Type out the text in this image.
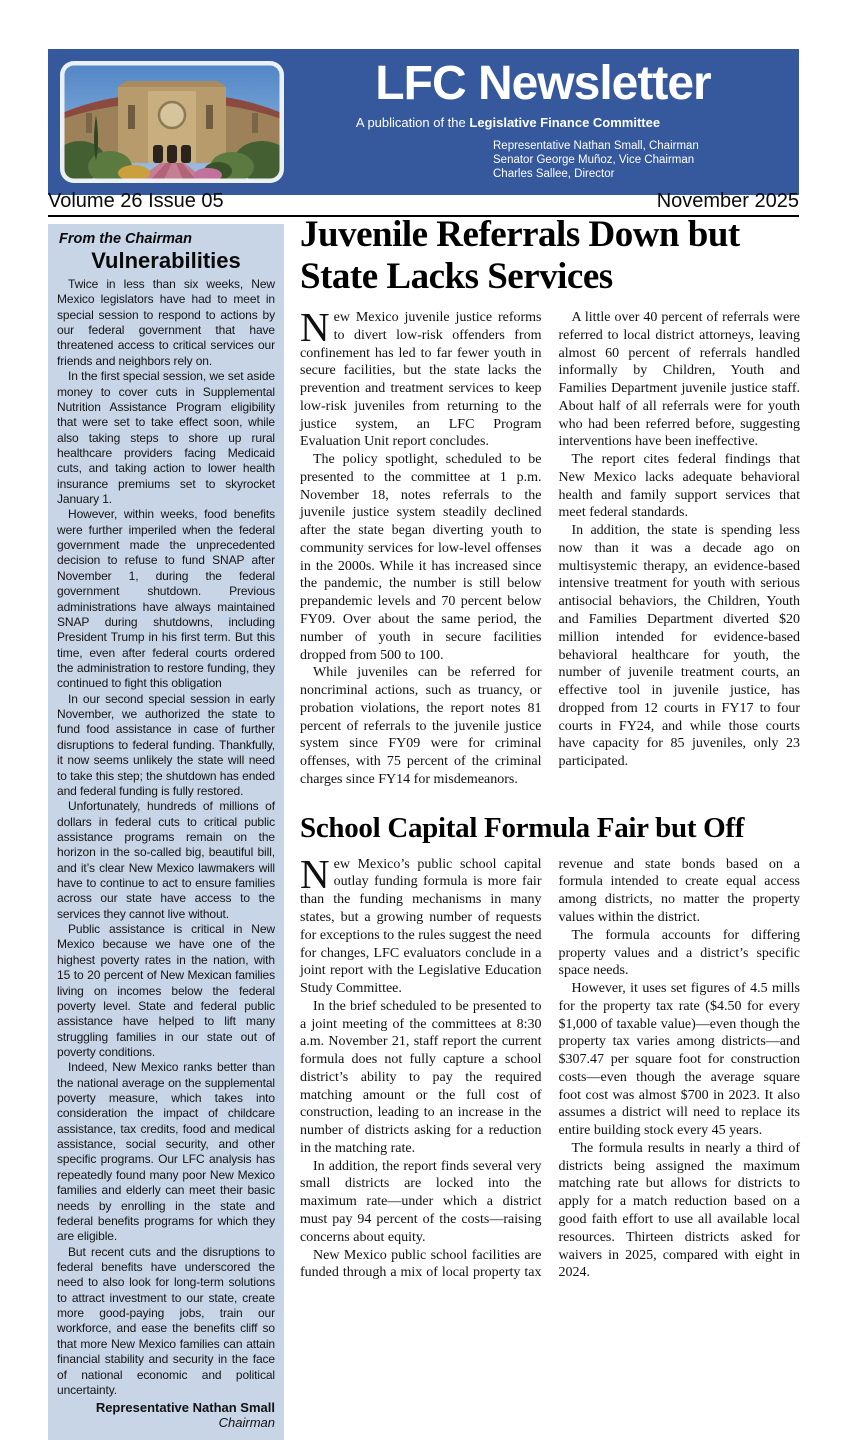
LFC Newsletter
A publication of the Legislative Finance Committee
Representative Nathan Small, Chairman
Senator George Muñoz, Vice Chairman
Charles Sallee, Director
Volume 26 Issue 05	November 2025
From the Chairman
Vulnerabilities

Twice in less than six weeks, New Mexico legislators have had to meet in special session to respond to actions by our federal government that have threatened access to critical services our friends and neighbors rely on.

In the first special session, we set aside money to cover cuts in Supplemental Nutrition Assistance Program eligibility that were set to take effect soon, while also taking steps to shore up rural healthcare providers facing Medicaid cuts, and taking action to lower health insurance premiums set to skyrocket January 1.

However, within weeks, food benefits were further imperiled when the federal government made the unprecedented decision to refuse to fund SNAP after November 1, during the federal government shutdown. Previous administrations have always maintained SNAP during shutdowns, including President Trump in his first term. But this time, even after federal courts ordered the administration to restore funding, they continued to fight this obligation

In our second special session in early November, we authorized the state to fund food assistance in case of further disruptions to federal funding. Thankfully, it now seems unlikely the state will need to take this step; the shutdown has ended and federal funding is fully restored.

Unfortunately, hundreds of millions of dollars in federal cuts to critical public assistance programs remain on the horizon in the so-called big, beautiful bill, and it’s clear New Mexico lawmakers will have to continue to act to ensure families across our state have access to the services they cannot live without.

Public assistance is critical in New Mexico because we have one of the highest poverty rates in the nation, with 15 to 20 percent of New Mexican families living on incomes below the federal poverty level. State and federal public assistance have helped to lift many struggling families in our state out of poverty conditions.

Indeed, New Mexico ranks better than the national average on the supplemental poverty measure, which takes into consideration the impact of childcare assistance, tax credits, food and medical assistance, social security, and other specific programs. Our LFC analysis has repeatedly found many poor New Mexico families and elderly can meet their basic needs by enrolling in the state and federal benefits programs for which they are eligible.

But recent cuts and the disruptions to federal benefits have underscored the need to also look for long-term solutions to attract investment to our state, create more good-paying jobs, train our workforce, and ease the benefits cliff so that more New Mexico families can attain financial stability and security in the face of national economic and political uncertainty.

Representative Nathan Small
Chairman
Juvenile Referrals Down but State Lacks Services

New Mexico juvenile justice reforms to divert low-risk offenders from confinement has led to far fewer youth in secure facilities, but the state lacks the prevention and treatment services to keep low-risk juveniles from returning to the justice system, an LFC Program Evaluation Unit report concludes.

The policy spotlight, scheduled to be presented to the committee at 1 p.m. November 18, notes referrals to the juvenile justice system steadily declined after the state began diverting youth to community services for low-level offenses in the 2000s. While it has increased since the pandemic, the number is still below prepandemic levels and 70 percent below FY09. Over about the same period, the number of youth in secure facilities dropped from 500 to 100.

While juveniles can be referred for noncriminal actions, such as truancy, or probation violations, the report notes 81 percent of referrals to the juvenile justice system since FY09 were for criminal offenses, with 75 percent of the criminal charges since FY14 for misdemeanors.

A little over 40 percent of referrals were referred to local district attorneys, leaving almost 60 percent of referrals handled informally by Children, Youth and Families Department juvenile justice staff. About half of all referrals were for youth who had been referred before, suggesting interventions have been ineffective.

The report cites federal findings that New Mexico lacks adequate behavioral health and family support services that meet federal standards.

In addition, the state is spending less now than it was a decade ago on multisystemic therapy, an evidence-based intensive treatment for youth with serious antisocial behaviors, the Children, Youth and Families Department diverted $20 million intended for evidence-based behavioral healthcare for youth, the number of juvenile treatment courts, an effective tool in juvenile justice, has dropped from 12 courts in FY17 to four courts in FY24, and while those courts have capacity for 85 juveniles, only 23 participated.

School Capital Formula Fair but Off

New Mexico’s public school capital outlay funding formula is more fair than the funding mechanisms in many states, but a growing number of requests for exceptions to the rules suggest the need for changes, LFC evaluators conclude in a joint report with the Legislative Education Study Committee.

In the brief scheduled to be presented to a joint meeting of the committees at 8:30 a.m. November 21, staff report the current formula does not fully capture a school district’s ability to pay the required matching amount or the full cost of construction, leading to an increase in the number of districts asking for a reduction in the matching rate.

In addition, the report finds several very small districts are locked into the maximum rate—under which a district must pay 94 percent of the costs—raising concerns about equity.

New Mexico public school facilities are funded through a mix of local property tax revenue and state bonds based on a formula intended to create equal access among districts, no matter the property values within the district.

The formula accounts for differing property values and a district’s specific space needs.

However, it uses set figures of 4.5 mills for the property tax rate ($4.50 for every $1,000 of taxable value)—even though the property tax varies among districts—and $307.47 per square foot for construction costs—even though the average square foot cost was almost $700 in 2023. It also assumes a district will need to replace its entire building stock every 45 years.

The formula results in nearly a third of districts being assigned the maximum matching rate but allows for districts to apply for a match reduction based on a good faith effort to use all available local resources. Thirteen districts asked for waivers in 2025, compared with eight in 2024.
